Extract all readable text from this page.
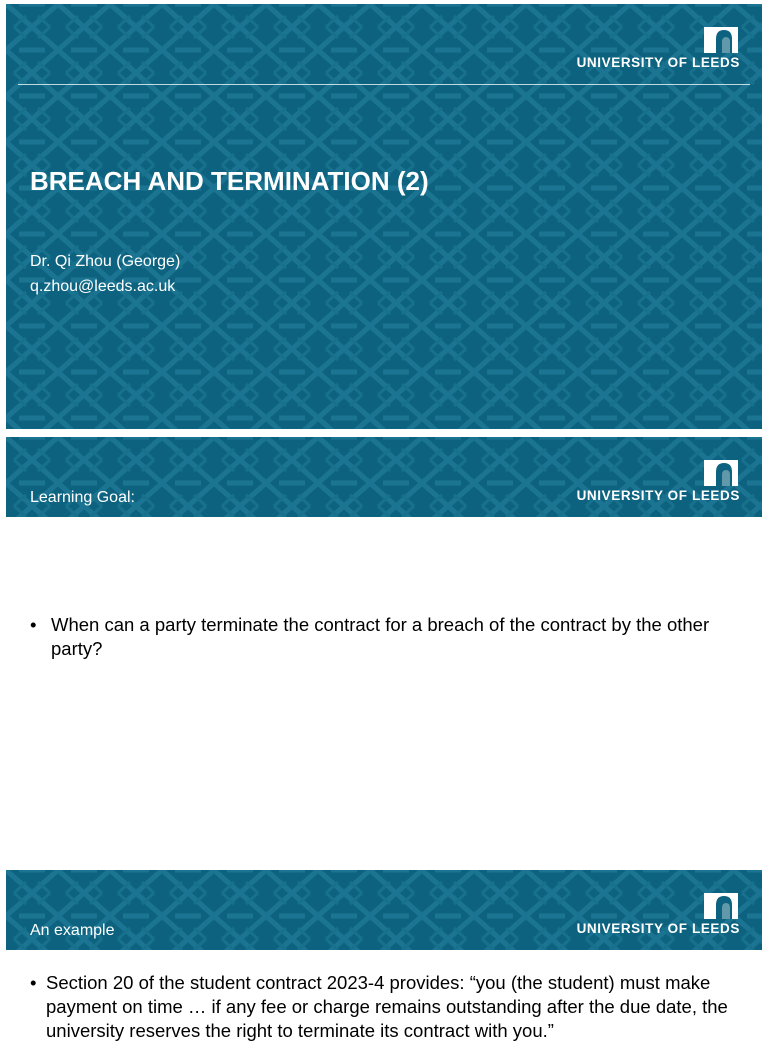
UNIVERSITY OF LEEDS
BREACH AND TERMINATION (2)
Dr. Qi Zhou (George)
q.zhou@leeds.ac.uk
UNIVERSITY OF LEEDS
Learning Goal:
• When can a party terminate the contract for a breach of the contract by the other party?
UNIVERSITY OF LEEDS
An example
• Section 20 of the student contract 2023-4 provides: “you (the student) must make payment on time … if any fee or charge remains outstanding after the due date, the university reserves the right to terminate its contract with you.”
